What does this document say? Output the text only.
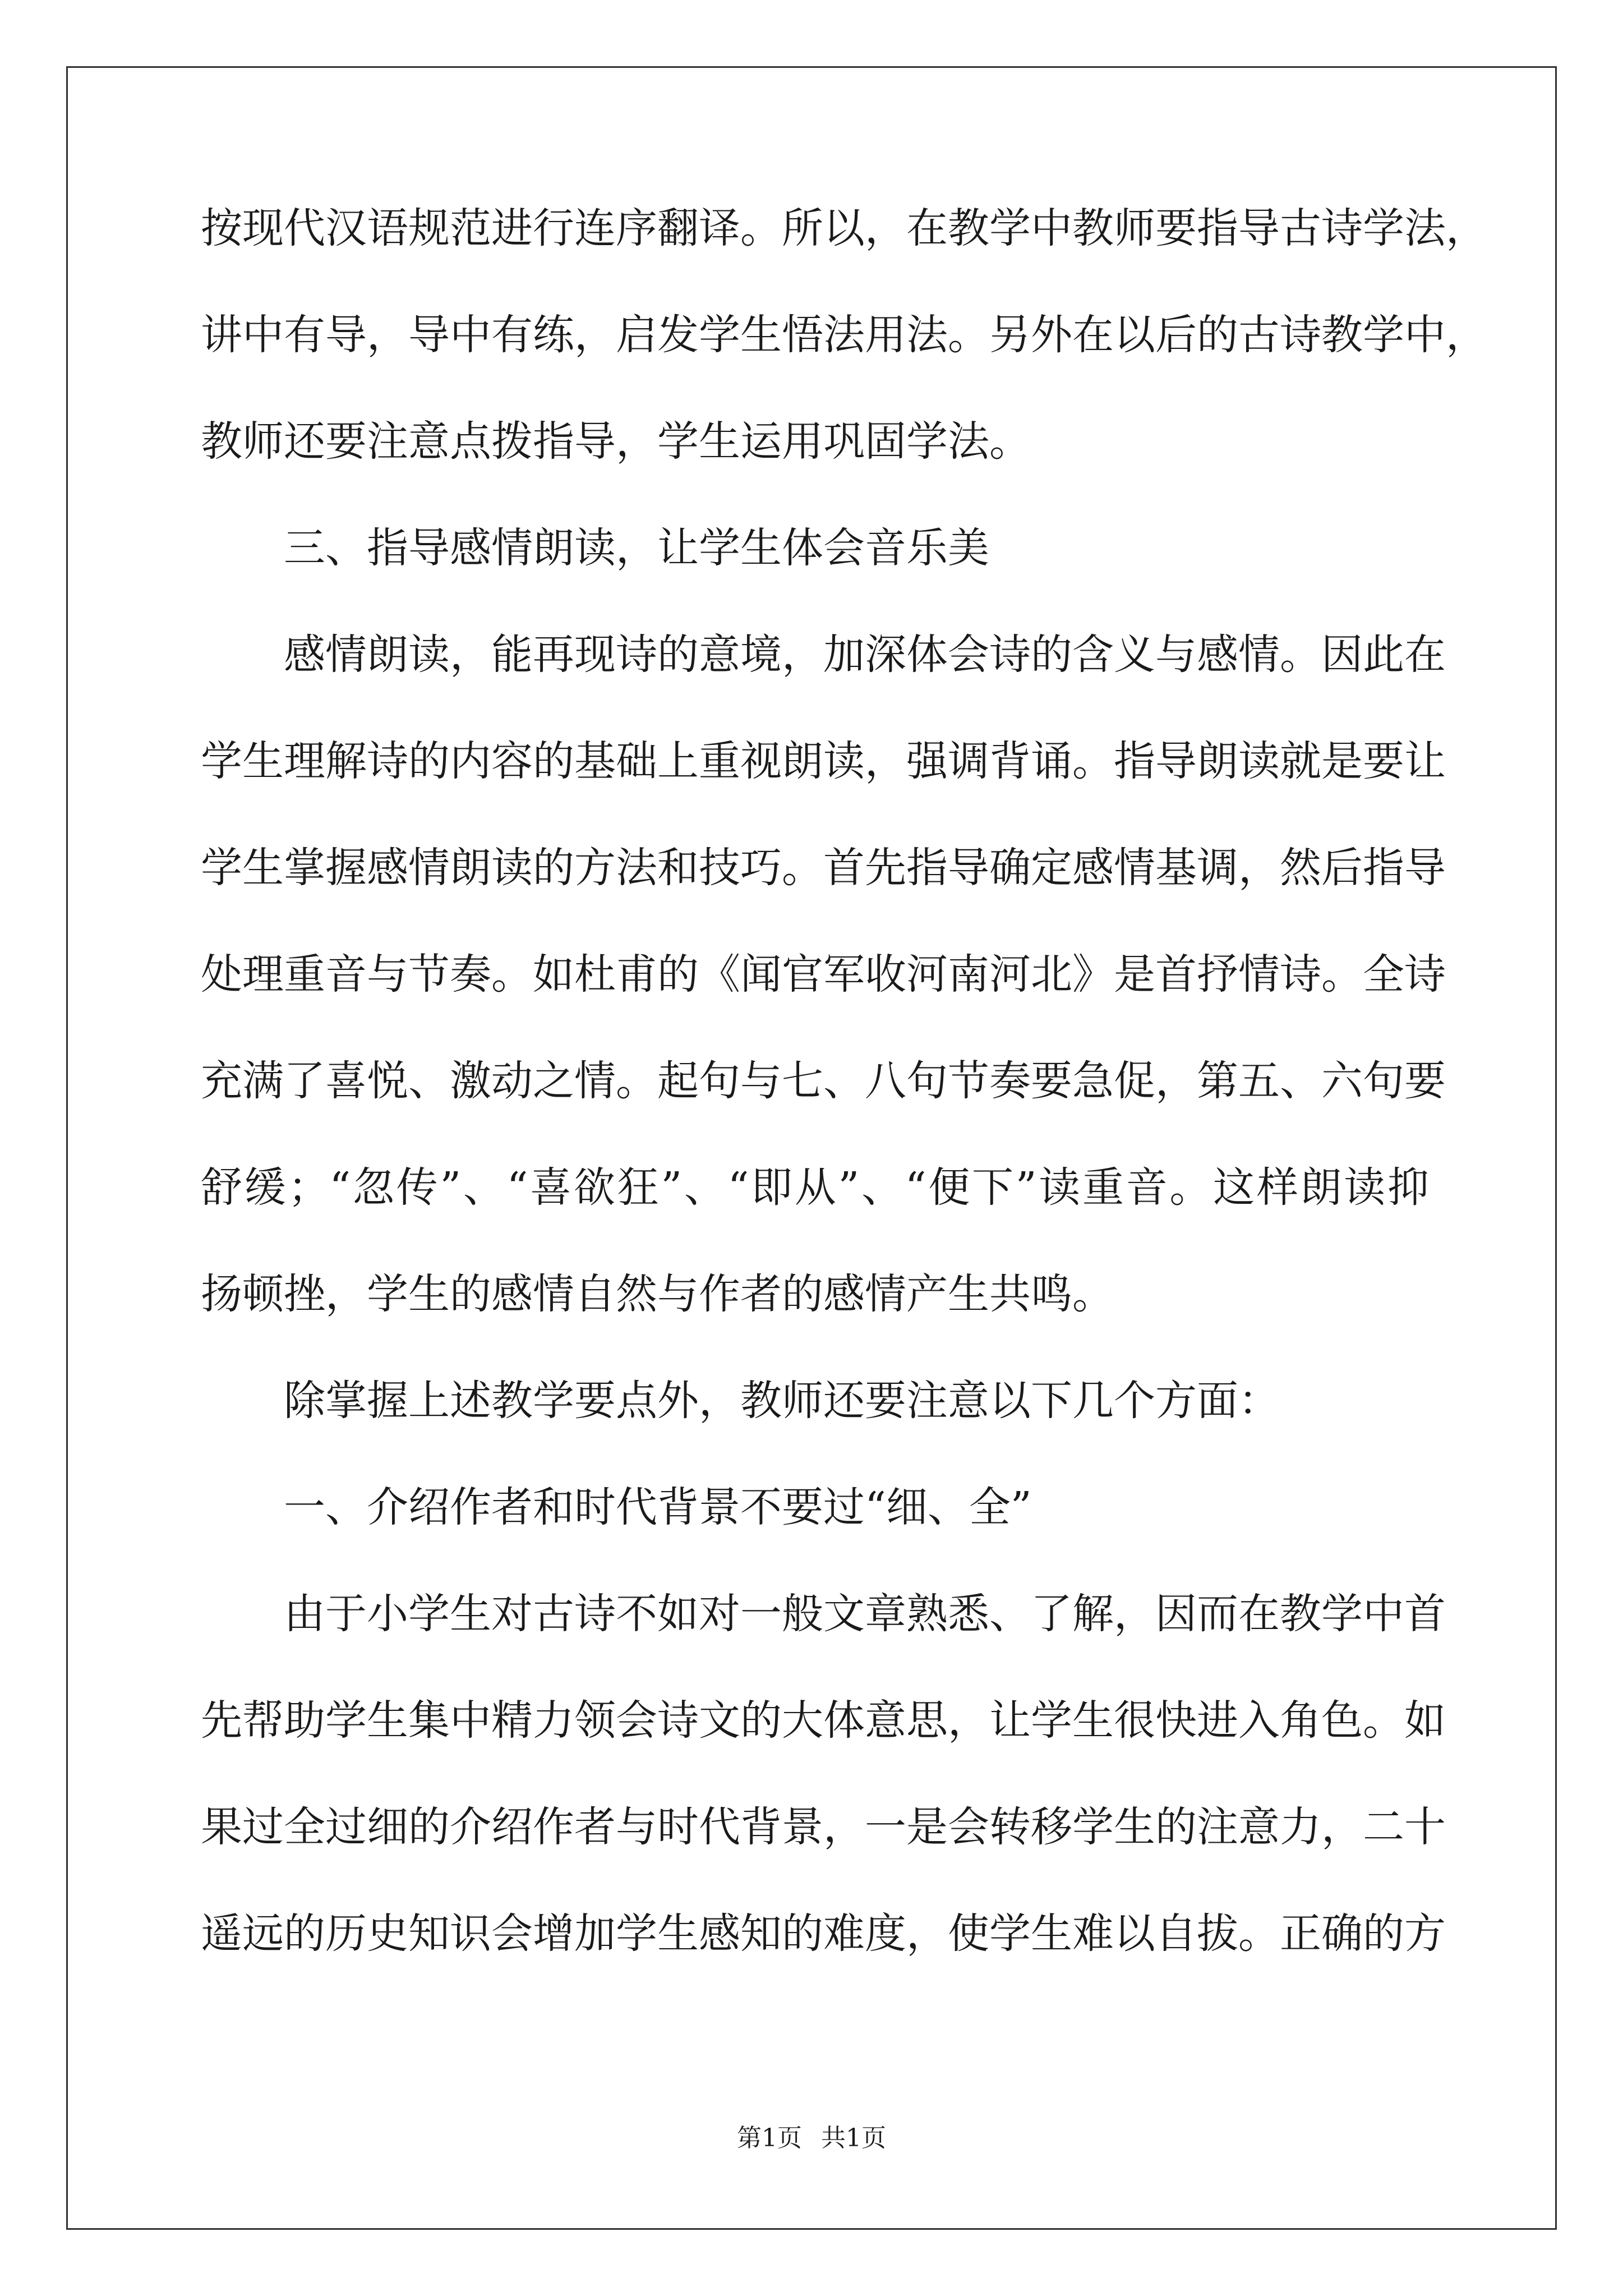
按现代汉语规范进行连序翻译。所以，在教学中教师要指导古诗学法，
讲中有导，导中有练，启发学生悟法用法。另外在以后的古诗教学中，
教师还要注意点拨指导，学生运用巩固学法。
三、指导感情朗读，让学生体会音乐美
感情朗读，能再现诗的意境，加深体会诗的含义与感情。因此在
学生理解诗的内容的基础上重视朗读，强调背诵。指导朗读就是要让
学生掌握感情朗读的方法和技巧。首先指导确定感情基调，然后指导
处理重音与节奏。如杜甫的《闻官军收河南河北》是首抒情诗。全诗
充满了喜悦、激动之情。起句与七、八句节奏要急促，第五、六句要
舒缓；“忽传”、“喜欲狂”、“即从”、“便下”读重音。这样朗读抑
扬顿挫，学生的感情自然与作者的感情产生共鸣。
除掌握上述教学要点外，教师还要注意以下几个方面：
一、介绍作者和时代背景不要过“细、全”
由于小学生对古诗不如对一般文章熟悉、了解，因而在教学中首
先帮助学生集中精力领会诗文的大体意思，让学生很快进入角色。如
果过全过细的介绍作者与时代背景，一是会转移学生的注意力，二十
遥远的历史知识会增加学生感知的难度，使学生难以自拔。正确的方
第1页 共1页
